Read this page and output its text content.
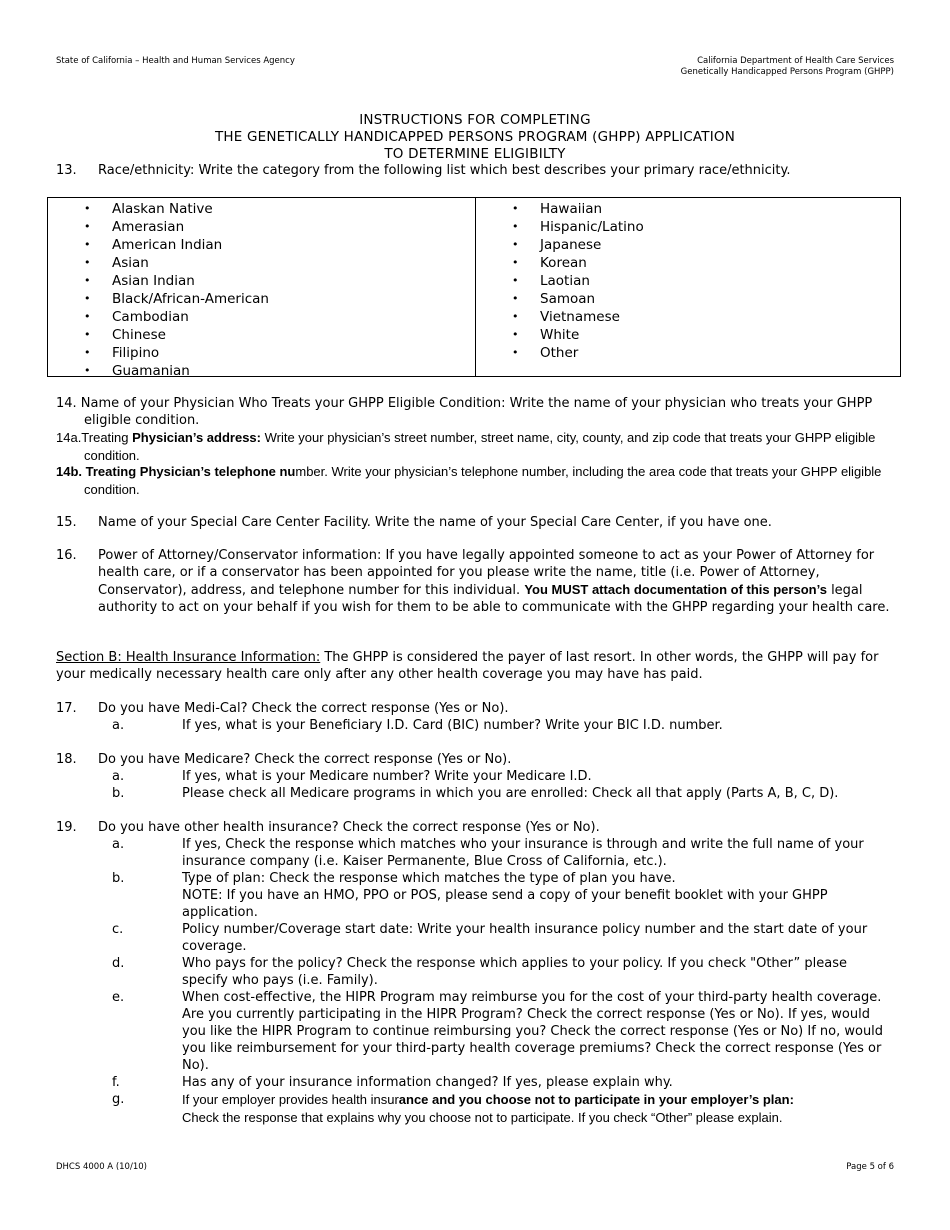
State of California – Health and Human Services Agency	California Department of Health Care Services
Genetically Handicapped Persons Program (GHPP)
INSTRUCTIONS FOR COMPLETING
THE GENETICALLY HANDICAPPED PERSONS PROGRAM (GHPP) APPLICATION
TO DETERMINE ELIGIBILTY
13. Race/ethnicity: Write the category from the following list which best describes your primary race/ethnicity.
• Alaskan Native
• Amerasian
• American Indian
• Asian
• Asian Indian
• Black/African-American
• Cambodian
• Chinese
• Filipino
• Guamanian
• Hawaiian
• Hispanic/Latino
• Japanese
• Korean
• Laotian
• Samoan
• Vietnamese
• White
• Other
14. Name of your Physician Who Treats your GHPP Eligible Condition: Write the name of your physician who treats your GHPP eligible condition.
14a.Treating Physician’s address: Write your physician’s street number, street name, city, county, and zip code that treats your GHPP eligible condition.
14b. Treating Physician’s telephone number. Write your physician’s telephone number, including the area code that treats your GHPP eligible condition.
15. Name of your Special Care Center Facility. Write the name of your Special Care Center, if you have one.
16. Power of Attorney/Conservator information: If you have legally appointed someone to act as your Power of Attorney for health care, or if a conservator has been appointed for you please write the name, title (i.e. Power of Attorney, Conservator), address, and telephone number for this individual. You MUST attach documentation of this person’s legal authority to act on your behalf if you wish for them to be able to communicate with the GHPP regarding your health care.
Section B: Health Insurance Information: The GHPP is considered the payer of last resort. In other words, the GHPP will pay for your medically necessary health care only after any other health coverage you may have has paid.
17. Do you have Medi-Cal? Check the correct response (Yes or No).
a.	If yes, what is your Beneficiary I.D. Card (BIC) number? Write your BIC I.D. number.
18. Do you have Medicare? Check the correct response (Yes or No).
a.	If yes, what is your Medicare number? Write your Medicare I.D.
b.	Please check all Medicare programs in which you are enrolled: Check all that apply (Parts A, B, C, D).
19. Do you have other health insurance? Check the correct response (Yes or No).
a.	If yes, Check the response which matches who your insurance is through and write the full name of your insurance company (i.e. Kaiser Permanente, Blue Cross of California, etc.).
b.	Type of plan: Check the response which matches the type of plan you have.
NOTE: If you have an HMO, PPO or POS, please send a copy of your benefit booklet with your GHPP application.
c.	Policy number/Coverage start date: Write your health insurance policy number and the start date of your coverage.
d.	Who pays for the policy? Check the response which applies to your policy. If you check "Other” please specify who pays (i.e. Family).
e.	When cost-effective, the HIPR Program may reimburse you for the cost of your third-party health coverage. Are you currently participating in the HIPR Program? Check the correct response (Yes or No). If yes, would you like the HIPR Program to continue reimbursing you? Check the correct response (Yes or No) If no, would you like reimbursement for your third-party health coverage premiums? Check the correct response (Yes or No).
f.	Has any of your insurance information changed? If yes, please explain why.
g.	If your employer provides health insurance and you choose not to participate in your employer’s plan:
Check the response that explains why you choose not to participate. If you check “Other” please explain.
DHCS 4000 A (10/10)	Page 5 of 6
